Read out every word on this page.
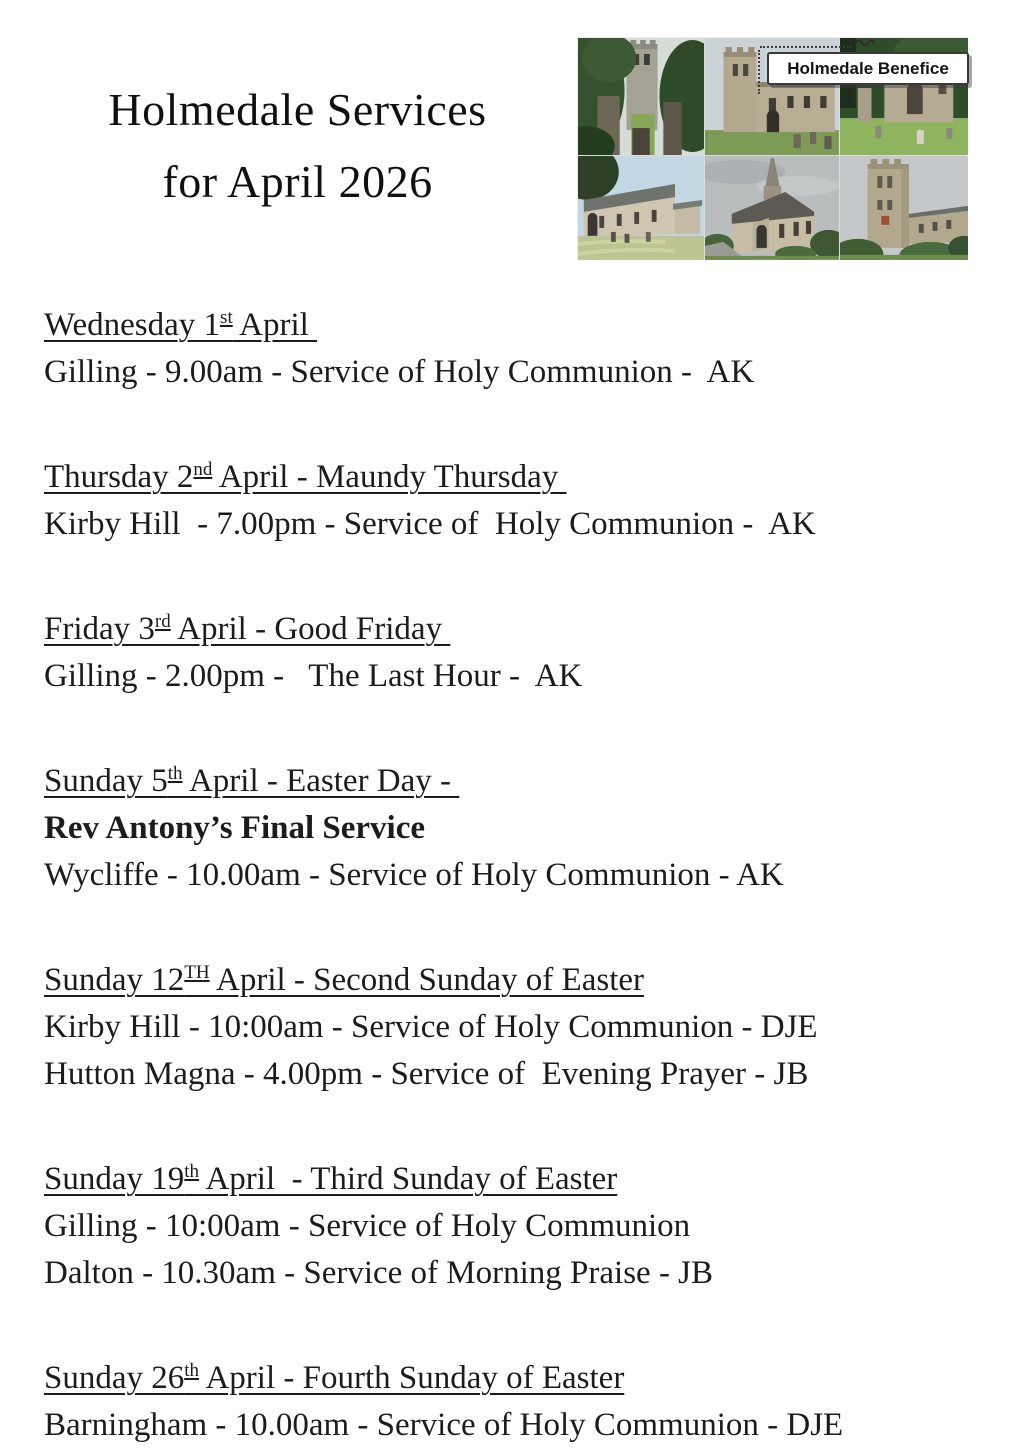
Holmedale Services
for April 2026
Holmedale Benefice
Wednesday 1st April
Gilling - 9.00am - Service of Holy Communion -  AK
Thursday 2nd April - Maundy Thursday
Kirby Hill  - 7.00pm - Service of  Holy Communion -  AK
Friday 3rd April - Good Friday
Gilling - 2.00pm -   The Last Hour -  AK
Sunday 5th April - Easter Day -
Rev Antony’s Final Service
Wycliffe - 10.00am - Service of Holy Communion - AK
Sunday 12TH April - Second Sunday of Easter
Kirby Hill - 10:00am - Service of Holy Communion - DJE
Hutton Magna - 4.00pm - Service of  Evening Prayer - JB
Sunday 19th April  - Third Sunday of Easter
Gilling - 10:00am - Service of Holy Communion
Dalton - 10.30am - Service of Morning Praise - JB
Sunday 26th April - Fourth Sunday of Easter
Barningham - 10.00am - Service of Holy Communion - DJE
